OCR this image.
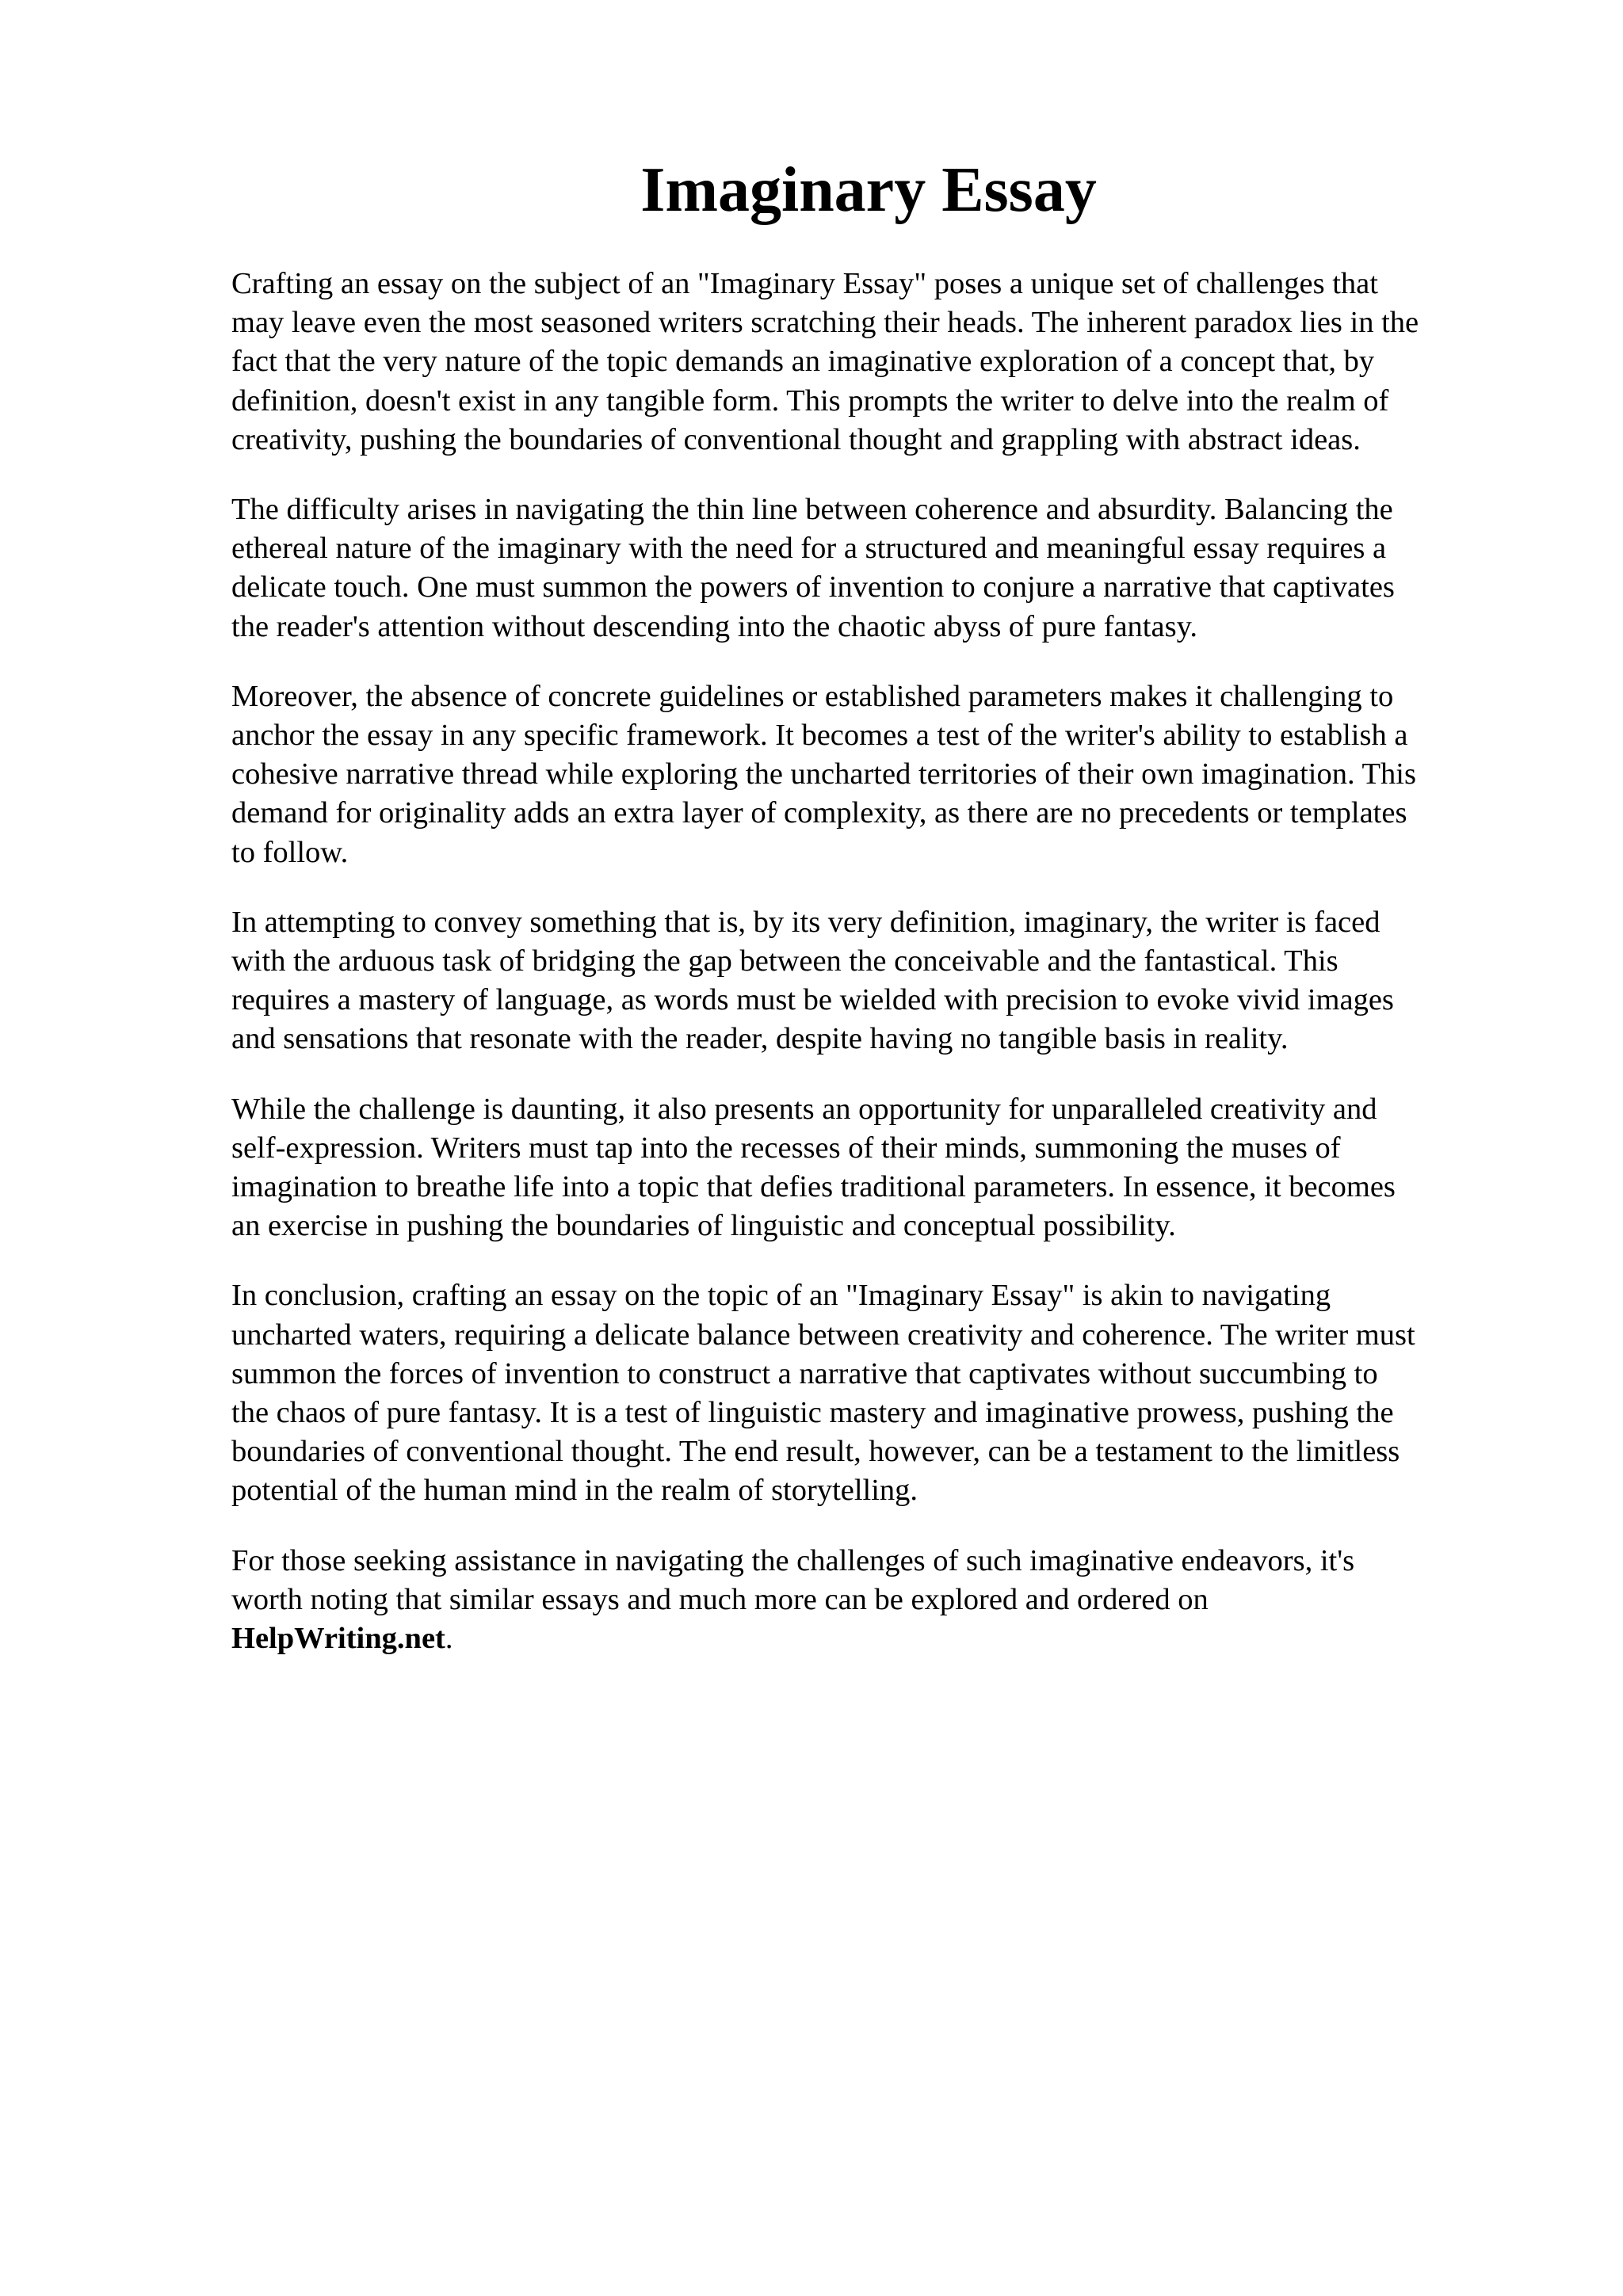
Imaginary Essay

Crafting an essay on the subject of an "Imaginary Essay" poses a unique set of challenges that
may leave even the most seasoned writers scratching their heads. The inherent paradox lies in the
fact that the very nature of the topic demands an imaginative exploration of a concept that, by
definition, doesn't exist in any tangible form. This prompts the writer to delve into the realm of
creativity, pushing the boundaries of conventional thought and grappling with abstract ideas.

The difficulty arises in navigating the thin line between coherence and absurdity. Balancing the
ethereal nature of the imaginary with the need for a structured and meaningful essay requires a
delicate touch. One must summon the powers of invention to conjure a narrative that captivates
the reader's attention without descending into the chaotic abyss of pure fantasy.

Moreover, the absence of concrete guidelines or established parameters makes it challenging to
anchor the essay in any specific framework. It becomes a test of the writer's ability to establish a
cohesive narrative thread while exploring the uncharted territories of their own imagination. This
demand for originality adds an extra layer of complexity, as there are no precedents or templates
to follow.

In attempting to convey something that is, by its very definition, imaginary, the writer is faced
with the arduous task of bridging the gap between the conceivable and the fantastical. This
requires a mastery of language, as words must be wielded with precision to evoke vivid images
and sensations that resonate with the reader, despite having no tangible basis in reality.

While the challenge is daunting, it also presents an opportunity for unparalleled creativity and
self-expression. Writers must tap into the recesses of their minds, summoning the muses of
imagination to breathe life into a topic that defies traditional parameters. In essence, it becomes
an exercise in pushing the boundaries of linguistic and conceptual possibility.

In conclusion, crafting an essay on the topic of an "Imaginary Essay" is akin to navigating
uncharted waters, requiring a delicate balance between creativity and coherence. The writer must
summon the forces of invention to construct a narrative that captivates without succumbing to
the chaos of pure fantasy. It is a test of linguistic mastery and imaginative prowess, pushing the
boundaries of conventional thought. The end result, however, can be a testament to the limitless
potential of the human mind in the realm of storytelling.

For those seeking assistance in navigating the challenges of such imaginative endeavors, it's
worth noting that similar essays and much more can be explored and ordered on
HelpWriting.net.
